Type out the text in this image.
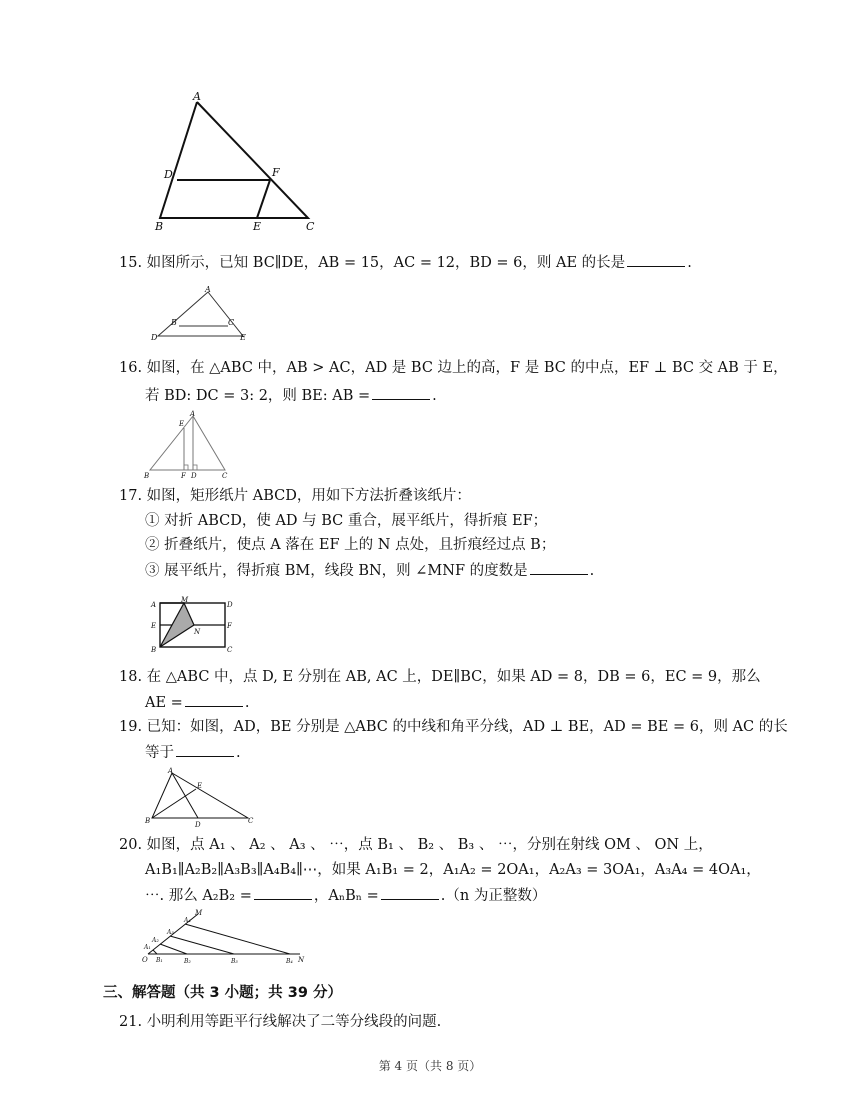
A
D	F
B	E	C
15. 如图所示，已知 BC∥DE，AB = 15，AC = 12，BD = 6，则 AE 的长是	.
A
B	C
D	E
16. 如图，在 △ABC 中，AB > AC，AD 是 BC 边上的高，F 是 BC 的中点，EF ⊥ BC 交 AB 于 E，
若 BD: DC = 3: 2，则 BE: AB =	.
A
E
B	F D	C
17. 如图，矩形纸片 ABCD，用如下方法折叠该纸片：
① 对折 ABCD，使 AD 与 BC 重合，展平纸片，得折痕 EF；
② 折叠纸片，使点 A 落在 EF 上的 N 点处，且折痕经过点 B；
③ 展平纸片，得折痕 BM，线段 BN，则 ∠MNF 的度数是	.
A
M
D
E
N
F
B	C
18. 在 △ABC 中，点 D, E 分别在 AB, AC 上，DE∥BC，如果 AD = 8，DB = 6，EC = 9，那么
AE =	.
19. 已知：如图，AD，BE 分别是 △ABC 的中线和角平分线，AD ⊥ BE，AD = BE = 6，则 AC 的长
等于	.
A
E
B	D	C
20. 如图，点 A₁ 、 A₂ 、 A₃ 、 ⋯，点 B₁ 、 B₂ 、 B₃ 、 ⋯，分别在射线 OM 、 ON 上，
A₁B₁∥A₂B₂∥A₃B₃∥A₄B₄∥⋯，如果 A₁B₁ = 2，A₁A₂ = 2OA₁，A₂A₃ = 3OA₁，A₃A₄ = 4OA₁，
⋯. 那么 A₂B₂ =	，AₙBₙ =	.（n 为正整数）
M
A₄
A₃
A₂
A₁
O B₁	B₂	B₃	B₄ N
三、解答题（共 3 小题；共 39 分）
21. 小明利用等距平行线解决了二等分线段的问题.
第 4 页（共 8 页）
